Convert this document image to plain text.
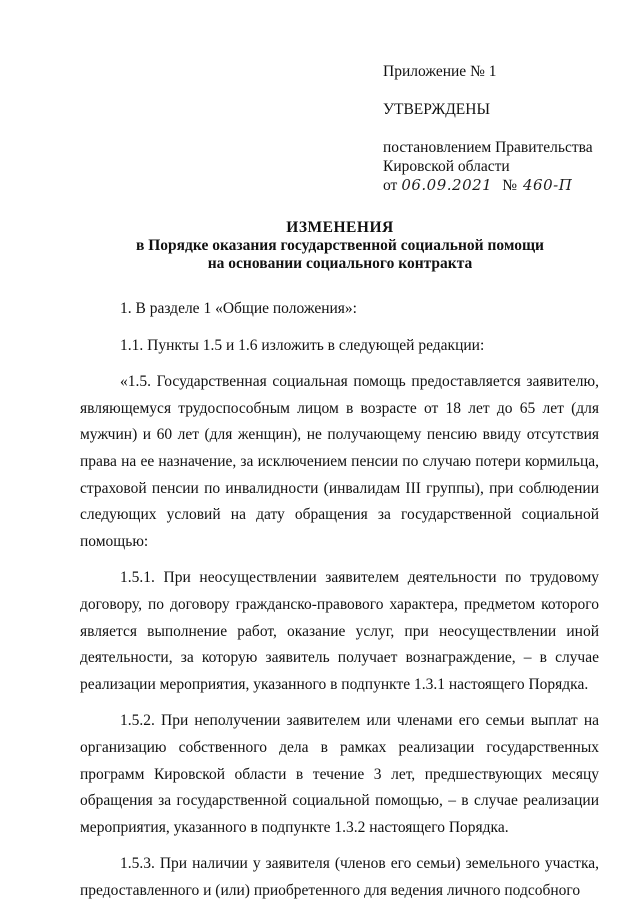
Приложение № 1
УТВЕРЖДЕНЫ
постановлением Правительства
Кировской области
от 06.09.2021 № 460-П
ИЗМЕНЕНИЯ
в Порядке оказания государственной социальной помощи
на основании социального контракта

1. В разделе 1 «Общие положения»:

1.1. Пункты 1.5 и 1.6 изложить в следующей редакции:

«1.5. Государственная социальная помощь предоставляется заявителю, являющемуся трудоспособным лицом в возрасте от 18 лет до 65 лет (для мужчин) и 60 лет (для женщин), не получающему пенсию ввиду отсутствия права на ее назначение, за исключением пенсии по случаю потери кормильца, страховой пенсии по инвалидности (инвалидам III группы), при соблюдении следующих условий на дату обращения за государственной социальной помощью:

1.5.1. При неосуществлении заявителем деятельности по трудовому договору, по договору гражданско-правового характера, предметом которого является выполнение работ, оказание услуг, при неосуществлении иной деятельности, за которую заявитель получает вознаграждение, – в случае реализации мероприятия, указанного в подпункте 1.3.1 настоящего Порядка.

1.5.2. При неполучении заявителем или членами его семьи выплат на организацию собственного дела в рамках реализации государственных программ Кировской области в течение 3 лет, предшествующих месяцу обращения за государственной социальной помощью, – в случае реализации мероприятия, указанного в подпункте 1.3.2 настоящего Порядка.

1.5.3. При наличии у заявителя (членов его семьи) земельного участка, предоставленного и (или) приобретенного для ведения личного подсобного
